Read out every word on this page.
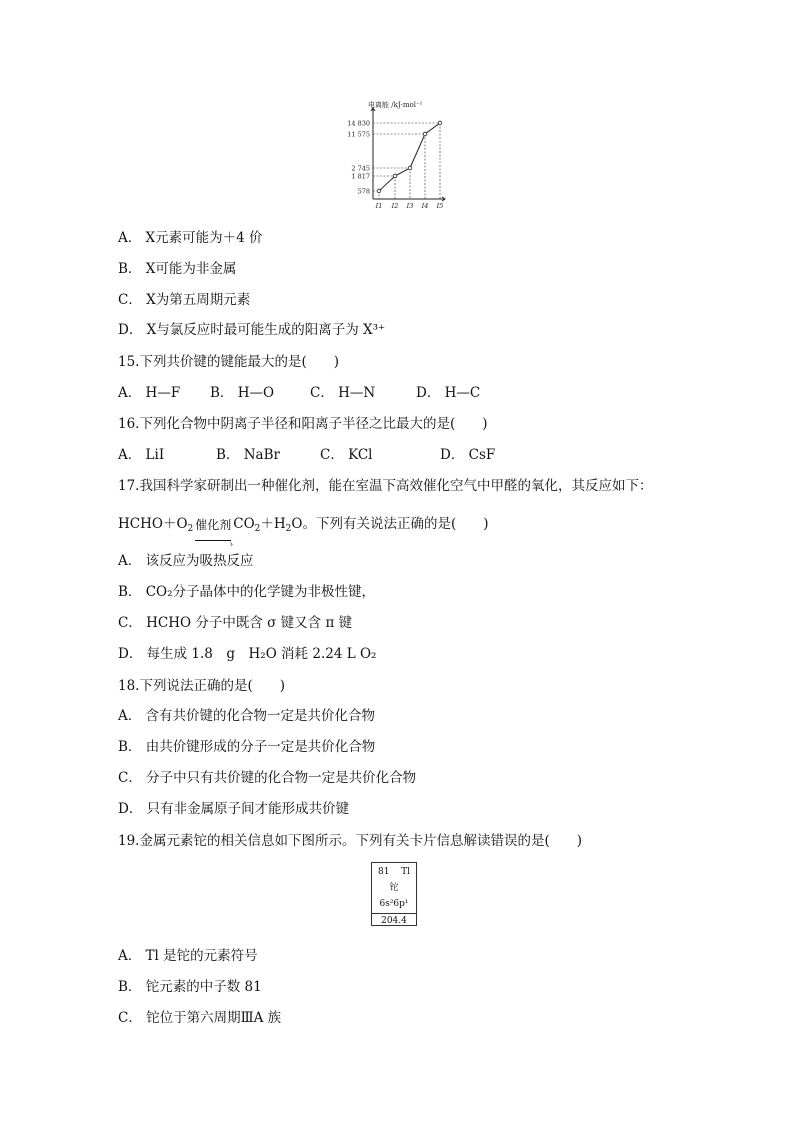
电离能 /kJ·mol⁻¹
578
I1
1 817
I2
2 745
I3
11 575
I4
14 830
I5
A． X元素可能为＋4 价
B． X可能为非金属
C． X为第五周期元素
D． X与氯反应时最可能生成的阳离子为 X³⁺
15.下列共价键的键能最大的是(　　)
A． H—F B． H—O	C． H—N	D． H—C
16.下列化合物中阴离子半径和阳离子半径之比最大的是(　　)
A． LiI	B． NaBr	C． KCl	D． CsF
17.我国科学家研制出一种催化剂，能在室温下高效催化空气中甲醛的氧化，其反应如下：
$HCHO+O_2$ 催化剂
›
$CO_2+H_2O$。下列有关说法正确的是(　　)
A． 该反应为吸热反应
B． CO₂分子晶体中的化学键为非极性键，
C． HCHO 分子中既含 σ 键又含 π 键
D． 每生成 1.8　g　H₂O 消耗 2.24 L O₂
18.下列说法正确的是(　　)
A． 含有共价键的化合物一定是共价化合物
B． 由共价键形成的分子一定是共价化合物
C． 分子中只有共价键的化合物一定是共价化合物
D． 只有非金属原子间才能形成共价键
19.金属元素铊的相关信息如下图所示。下列有关卡片信息解读错误的是(　　)
81	Tl
铊
6s²6p¹
204.4
A． Tl 是铊的元素符号
B． 铊元素的中子数 81
C． 铊位于第六周期ⅢA 族
